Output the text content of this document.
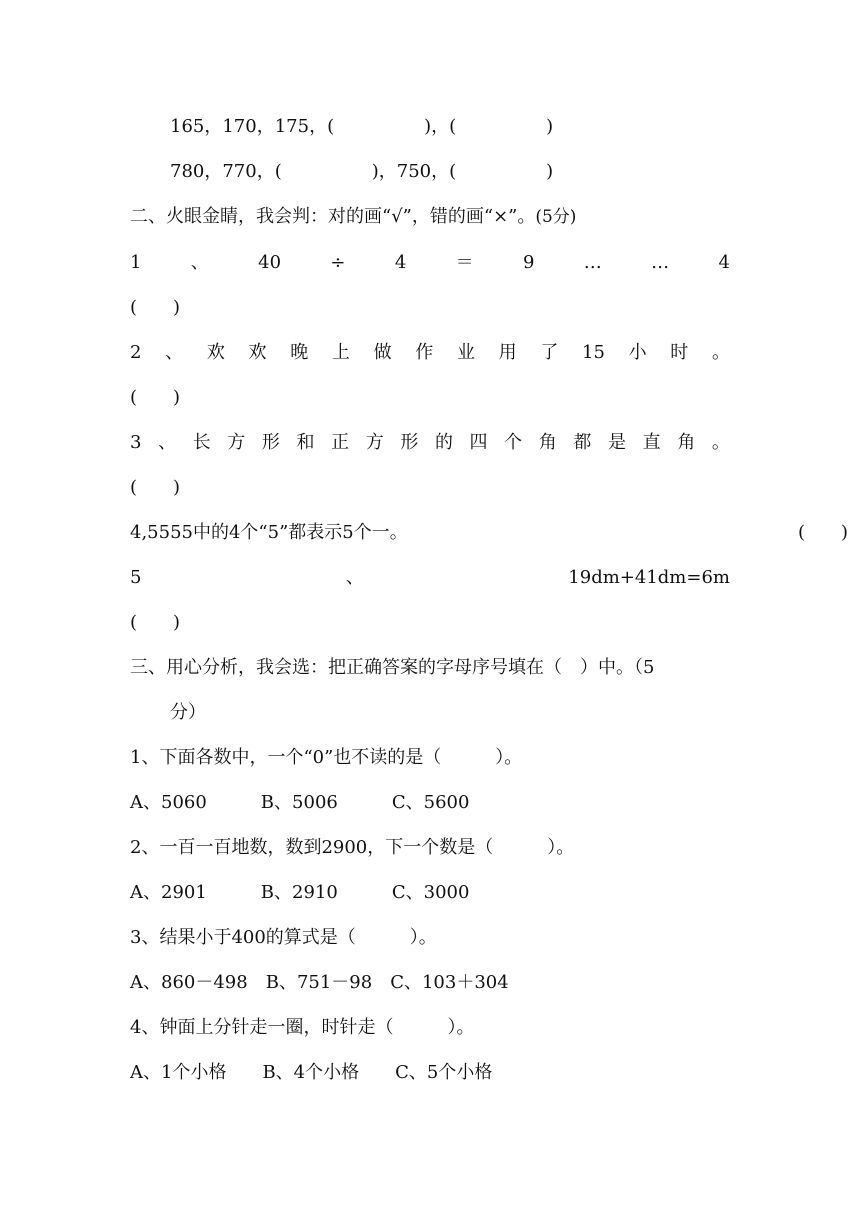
165，170，175，(　　　　　)，(　　　　　)
780，770，(　　　　　)，750，(　　　　　)
二、火眼金睛，我会判：对的画“√”，错的画“×”。(5分)
1	、	40	÷	4	＝	9	…	…	4
(　　)
2 、 欢 欢 晚 上 做 作 业 用 了 15 小 时 。
(　　)
3 、 长 方 形 和 正 方 形 的 四 个 角 都 是 直 角 。
(　　)
4,5555中的4个“5”都表示5个一。	(　　)
5	、	19dm+41dm=6m
(　　)
三、用心分析，我会选：把正确答案的字母序号填在（　）中。（5
分）
1、下面各数中，一个“0”也不读的是（　　　）。
A、5060　　　B、5006　　　C、5600
2、一百一百地数，数到2900，下一个数是（　　　）。
A、2901　　　B、2910　　　C、3000
3、结果小于400的算式是（　　　）。
A、860－498　B、751－98　C、103＋304
4、钟面上分针走一圈，时针走（　　　）。
A、1个小格　　B、4个小格　　C、5个小格
